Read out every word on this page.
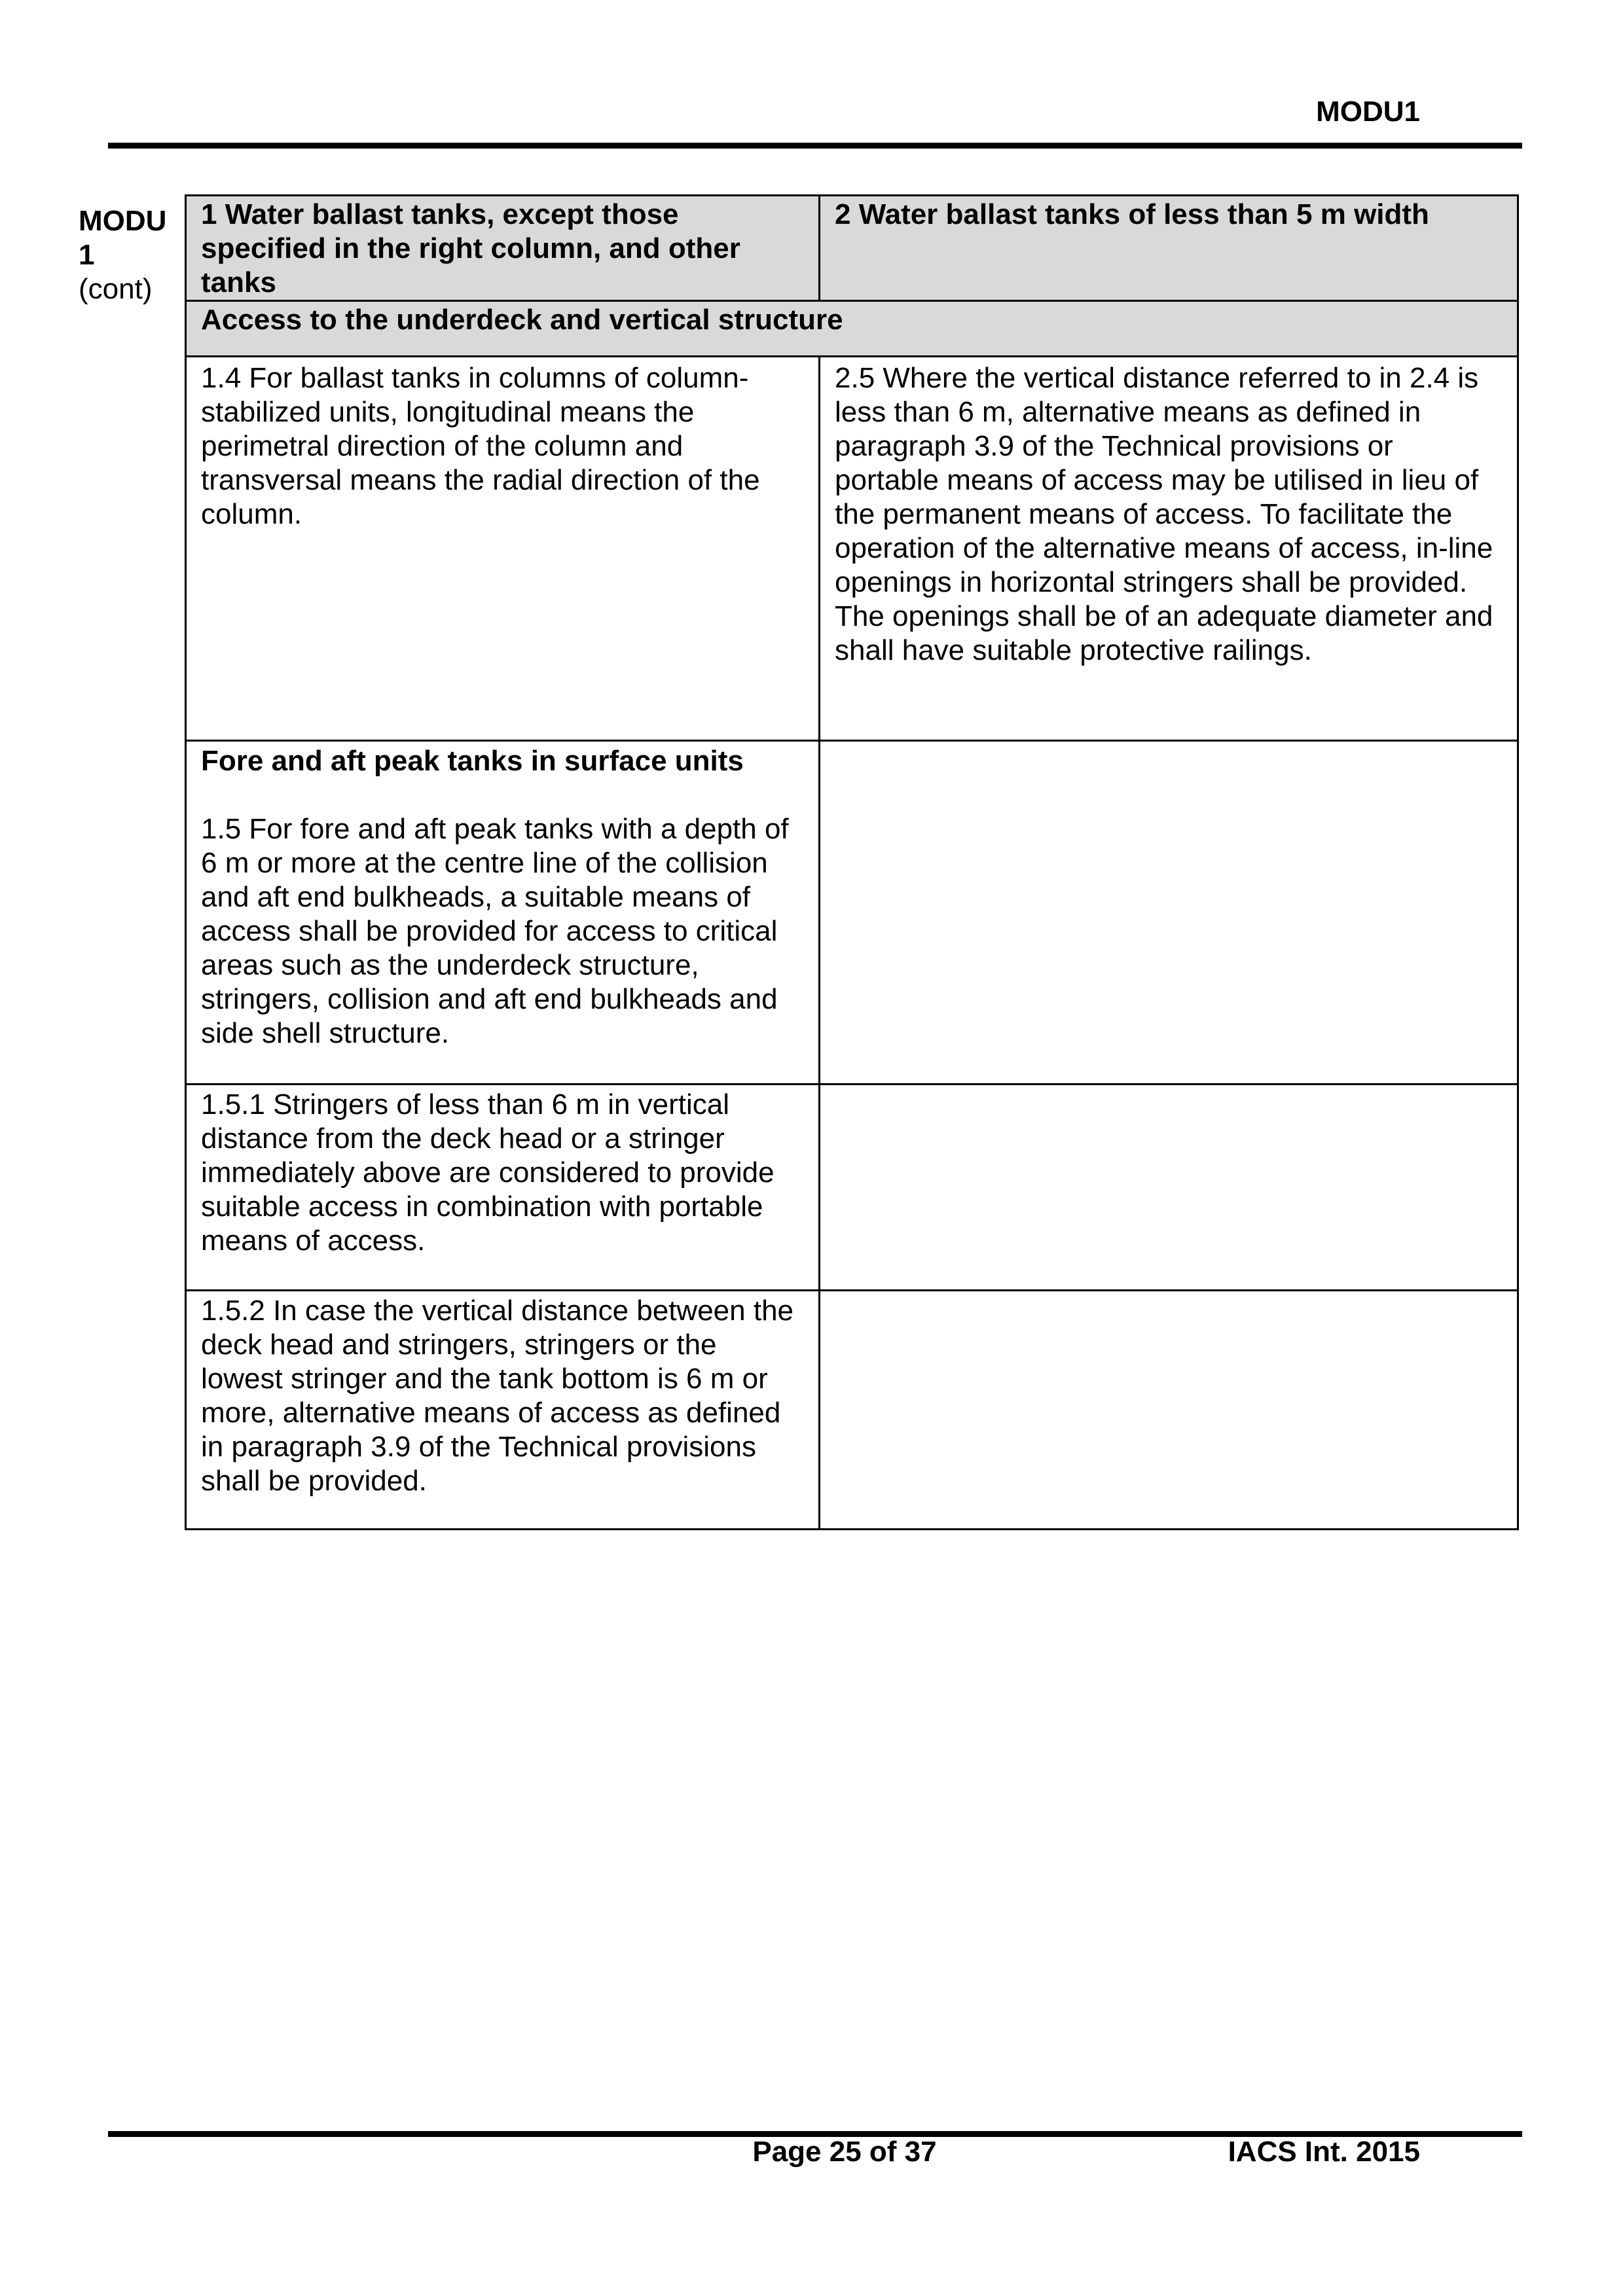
MODU1
MODU
1
(cont)
1 Water ballast tanks, except those specified in the right column, and other tanks	2 Water ballast tanks of less than 5 m width
Access to the underdeck and vertical structure	

1.4 For ballast tanks in columns of column-stabilized units, longitudinal means the perimetral direction of the column and transversal means the radial direction of the column.	2.5 Where the vertical distance referred to in 2.4 is less than 6 m, alternative means as defined in paragraph 3.9 of the Technical provisions or portable means of access may be utilised in lieu of the permanent means of access. To facilitate the operation of the alternative means of access, in-line openings in horizontal stringers shall be provided. The openings shall be of an adequate diameter and shall have suitable protective railings.

Fore and aft peak tanks in surface units

1.5 For fore and aft peak tanks with a depth of 6 m or more at the centre line of the collision and aft end bulkheads, a suitable means of access shall be provided for access to critical areas such as the underdeck structure, stringers, collision and aft end bulkheads and side shell structure.	

1.5.1 Stringers of less than 6 m in vertical distance from the deck head or a stringer immediately above are considered to provide suitable access in combination with portable means of access.	

1.5.2 In case the vertical distance between the deck head and stringers, stringers or the lowest stringer and the tank bottom is 6 m or more, alternative means of access as defined in paragraph 3.9 of the Technical provisions shall be provided.	

Page 25 of 37	IACS Int. 2015
